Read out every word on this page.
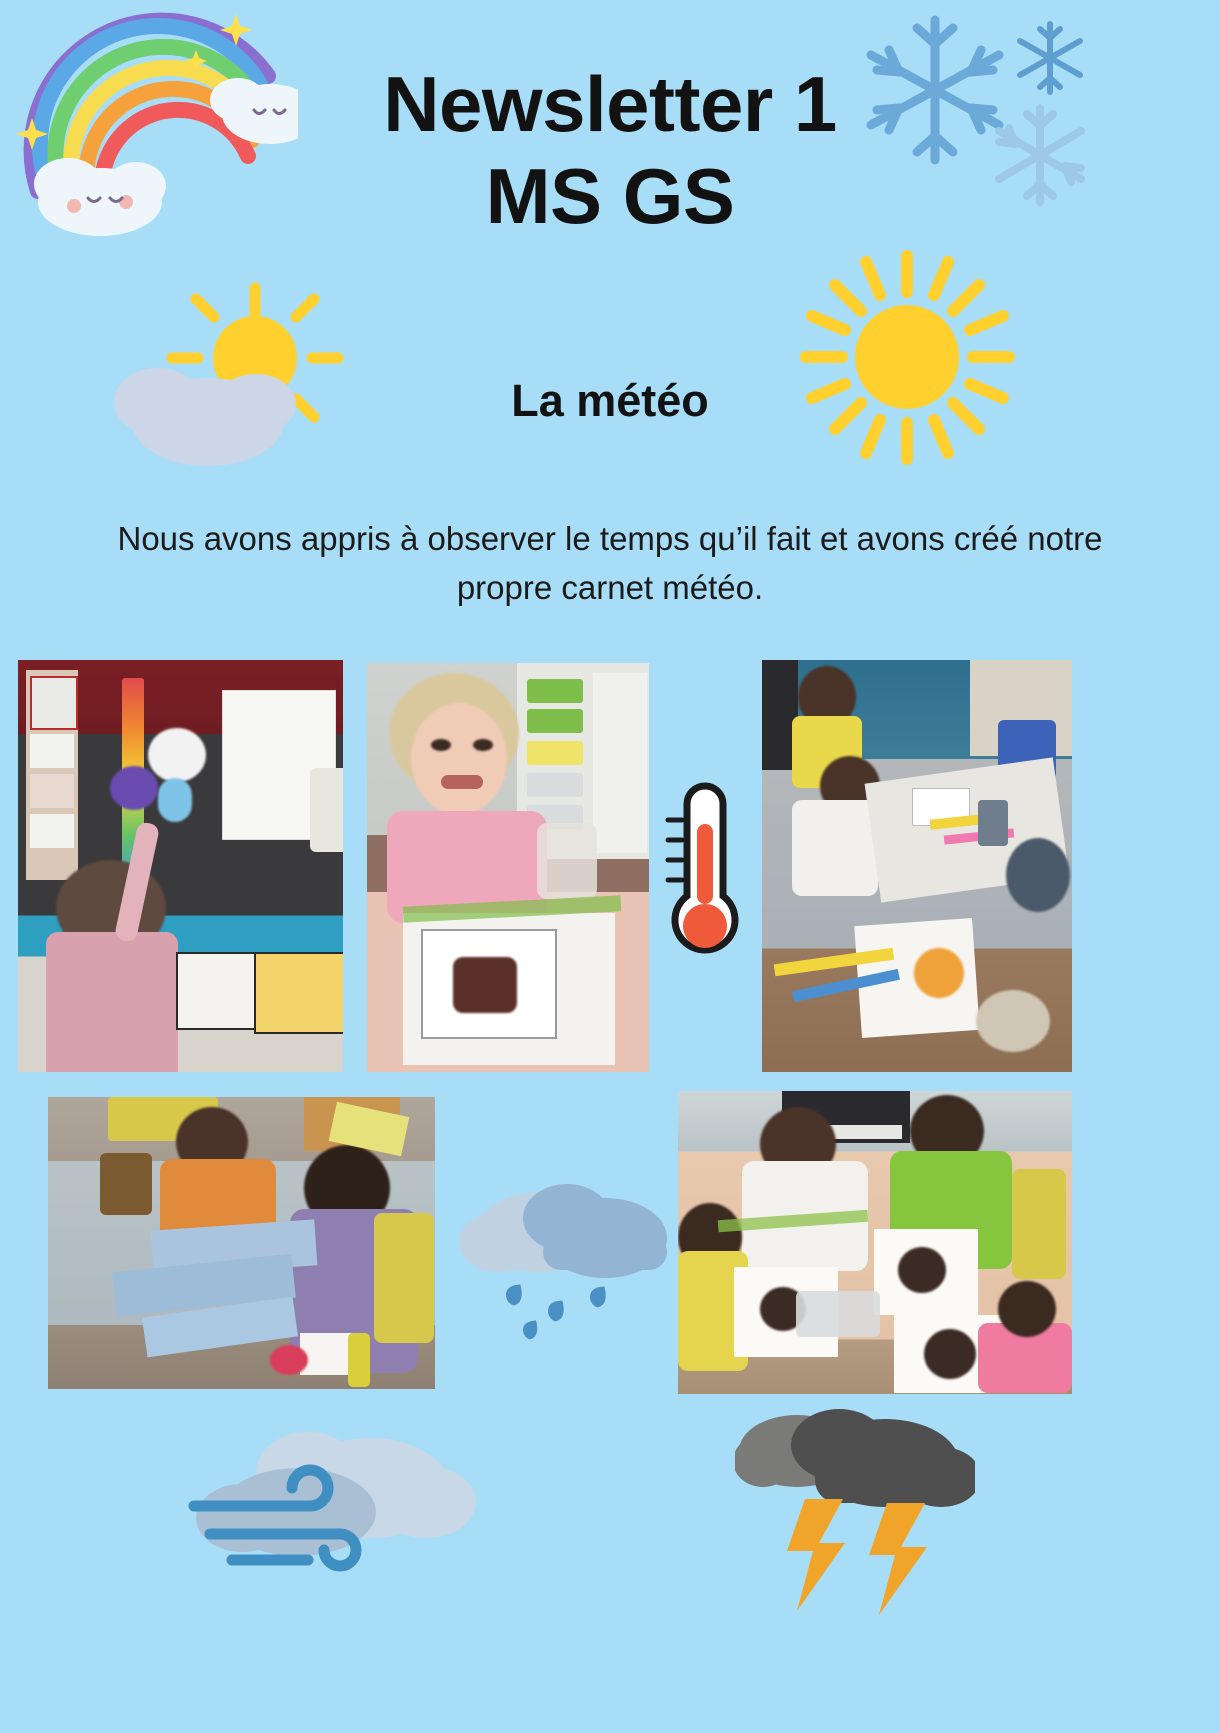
Newsletter 1
MS GS
La météo
Nous avons appris à observer le temps qu’il fait et avons créé notre propre carnet météo.
